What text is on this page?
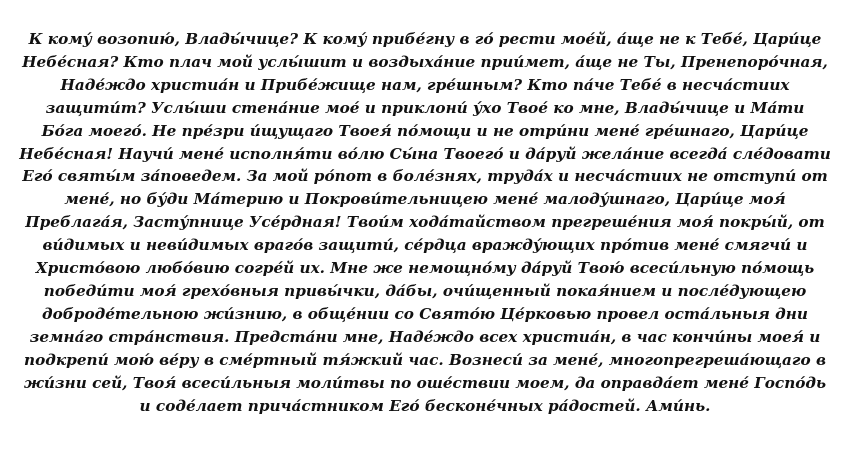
К кому́ возопию́, Влады́чице? К кому́ прибе́гну в го́ рести мое́й, а́ще не к Тебе́, Цари́це
Небе́сная? Кто плач мой услы́шит и воздыха́ние прии́мет, а́ще не Ты, Пренепоро́чная,
Наде́ждо христиа́н и Прибе́жище нам, гре́шным? Кто па́че Тебе́ в несча́стиих
защити́т? Услы́ши стена́ние мое́ и приклони́ у́хо Твое́ ко мне, Влады́чице и Ма́ти
Бо́га моего́. Не пре́зри и́щущаго Твоея́ по́мощи и не отри́ни мене́ гре́шнаго, Цари́це
Небе́сная! Научи́ мене́ исполня́ти во́лю Сы́на Твоего́ и да́руй жела́ние всегда́ сле́довати
Его́ святы́м за́поведем. За мой ро́пот в боле́знях, труда́х и несча́стиих не отступи́ от
мене́, но бу́ди Ма́терию и Покрови́тельницею мене́ малоду́шнаго, Цари́це моя́
Преблага́я, Засту́пнице Усе́рдная! Твои́м хода́тайством прегреше́ния моя́ покры́й, от
ви́димых и неви́димых враго́в защити́, се́рдца вражду́ющих про́тив мене́ смягчи́ и
Христо́вою любо́вию согре́й их. Мне же немощно́му да́руй Твою́ всеси́льную по́мощь
победи́ти моя́ грехо́вныя привы́чки, да́бы, очи́щенный покая́нием и после́дующею
доброде́тельною жи́знию, в обще́нии со Свято́ю Це́рковью провел оста́льныя дни
земна́го стра́нствия. Предста́ни мне, Наде́ждо всех христиа́н, в час кончи́ны моея́ и
подкрепи́ мою́ ве́ру в сме́ртный тя́жкий час. Вознеси́ за мене́, многопрегреша́ющаго в
жи́зни сей, Твоя́ всеси́льныя моли́твы по оше́ствии моем, да оправда́ет мене́ Госпо́дь
и соде́лает прича́стником Его́ бесконе́чных ра́достей. Ами́нь.
